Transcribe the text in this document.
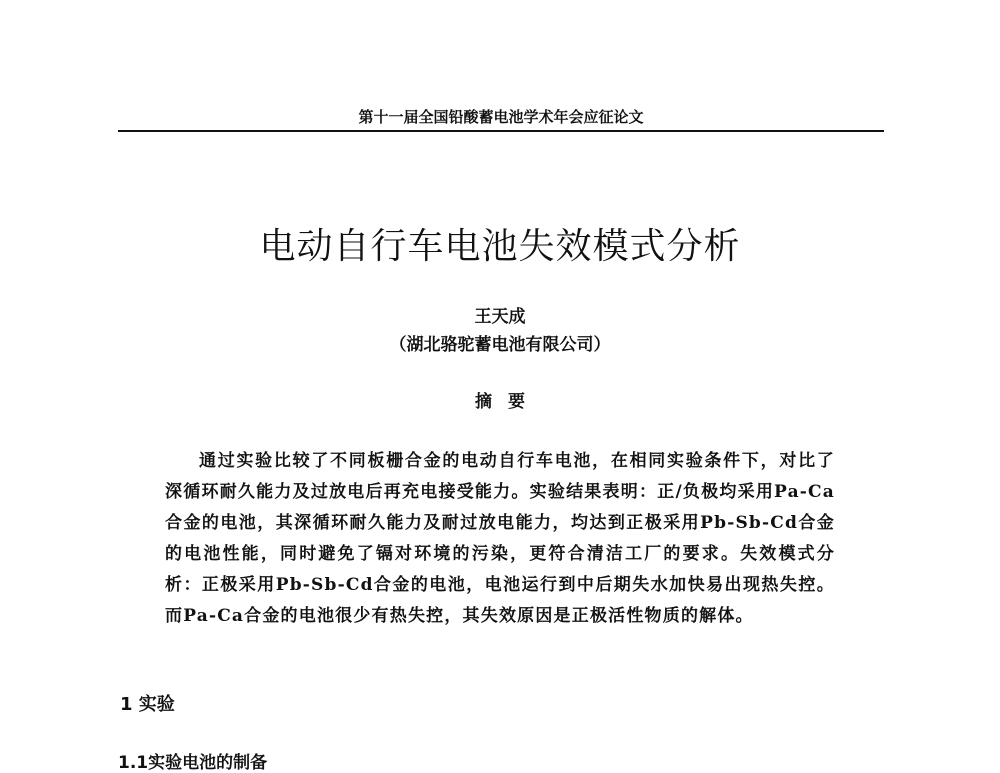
第十一届全国铅酸蓄电池学术年会应征论文
电动自行车电池失效模式分析
王天成
（湖北骆驼蓄电池有限公司）
摘要
通过实验比较了不同板栅合金的电动自行车电池，在相同实验条件下，对比了深循环耐久能力及过放电后再充电接受能力。实验结果表明：正/负极均采用Pa-Ca合金的电池，其深循环耐久能力及耐过放电能力，均达到正极采用Pb-Sb-Cd合金的电池性能，同时避免了镉对环境的污染，更符合清洁工厂的要求。失效模式分析：正极采用Pb-Sb-Cd合金的电池，电池运行到中后期失水加快易出现热失控。而Pa-Ca合金的电池很少有热失控，其失效原因是正极活性物质的解体。
1 实验
1.1实验电池的制备
